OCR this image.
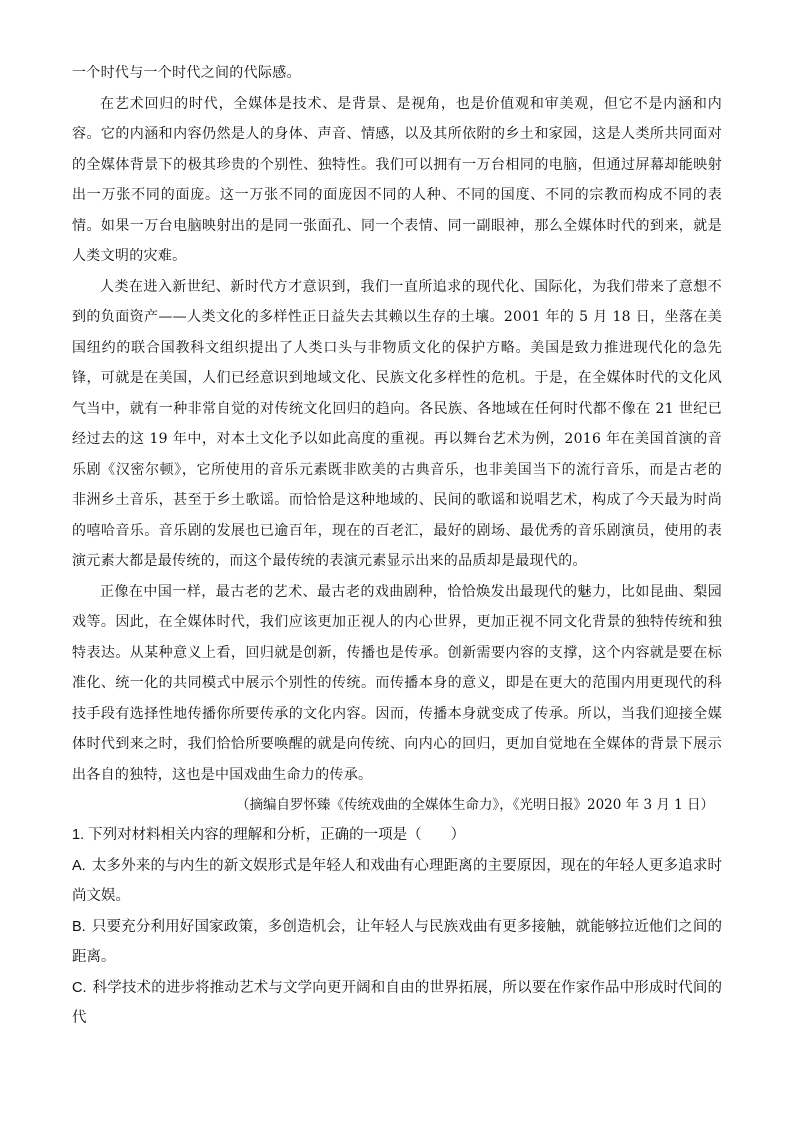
一个时代与一个时代之间的代际感。

在艺术回归的时代，全媒体是技术、是背景、是视角，也是价值观和审美观，但它不是内涵和内容。它的内涵和内容仍然是人的身体、声音、情感，以及其所依附的乡土和家园，这是人类所共同面对的全媒体背景下的极其珍贵的个别性、独特性。我们可以拥有一万台相同的电脑，但通过屏幕却能映射出一万张不同的面庞。这一万张不同的面庞因不同的人种、不同的国度、不同的宗教而构成不同的表情。如果一万台电脑映射出的是同一张面孔、同一个表情、同一副眼神，那么全媒体时代的到来，就是人类文明的灾难。

人类在进入新世纪、新时代方才意识到，我们一直所追求的现代化、国际化，为我们带来了意想不到的负面资产——人类文化的多样性正日益失去其赖以生存的土壤。2001 年的 5 月 18 日，坐落在美国纽约的联合国教科文组织提出了人类口头与非物质文化的保护方略。美国是致力推进现代化的急先锋，可就是在美国，人们已经意识到地域文化、民族文化多样性的危机。于是，在全媒体时代的文化风气当中，就有一种非常自觉的对传统文化回归的趋向。各民族、各地域在任何时代都不像在 21 世纪已经过去的这 19 年中，对本土文化予以如此高度的重视。再以舞台艺术为例，2016 年在美国首演的音乐剧《汉密尔顿》，它所使用的音乐元素既非欧美的古典音乐，也非美国当下的流行音乐，而是古老的非洲乡土音乐，甚至于乡土歌谣。而恰恰是这种地域的、民间的歌谣和说唱艺术，构成了今天最为时尚的嘻哈音乐。音乐剧的发展也已逾百年，现在的百老汇，最好的剧场、最优秀的音乐剧演员，使用的表演元素大都是最传统的，而这个最传统的表演元素显示出来的品质却是最现代的。

正像在中国一样，最古老的艺术、最古老的戏曲剧种，恰恰焕发出最现代的魅力，比如昆曲、梨园戏等。因此，在全媒体时代，我们应该更加正视人的内心世界，更加正视不同文化背景的独特传统和独特表达。从某种意义上看，回归就是创新，传播也是传承。创新需要内容的支撑，这个内容就是要在标准化、统一化的共同模式中展示个别性的传统。而传播本身的意义，即是在更大的范围内用更现代的科技手段有选择性地传播你所要传承的文化内容。因而，传播本身就变成了传承。所以，当我们迎接全媒体时代到来之时，我们恰恰所要唤醒的就是向传统、向内心的回归，更加自觉地在全媒体的背景下展示出各自的独特，这也是中国戏曲生命力的传承。

（摘编自罗怀臻《传统戏曲的全媒体生命力》，《光明日报》2020 年 3 月 1 日）

1. 下列对材料相关内容的理解和分析，正确的一项是（　　）

A. 太多外来的与内生的新文娱形式是年轻人和戏曲有心理距离的主要原因，现在的年轻人更多追求时尚文娱。

B. 只要充分利用好国家政策，多创造机会，让年轻人与民族戏曲有更多接触，就能够拉近他们之间的距离。

C. 科学技术的进步将推动艺术与文学向更开阔和自由的世界拓展，所以要在作家作品中形成时代间的代
